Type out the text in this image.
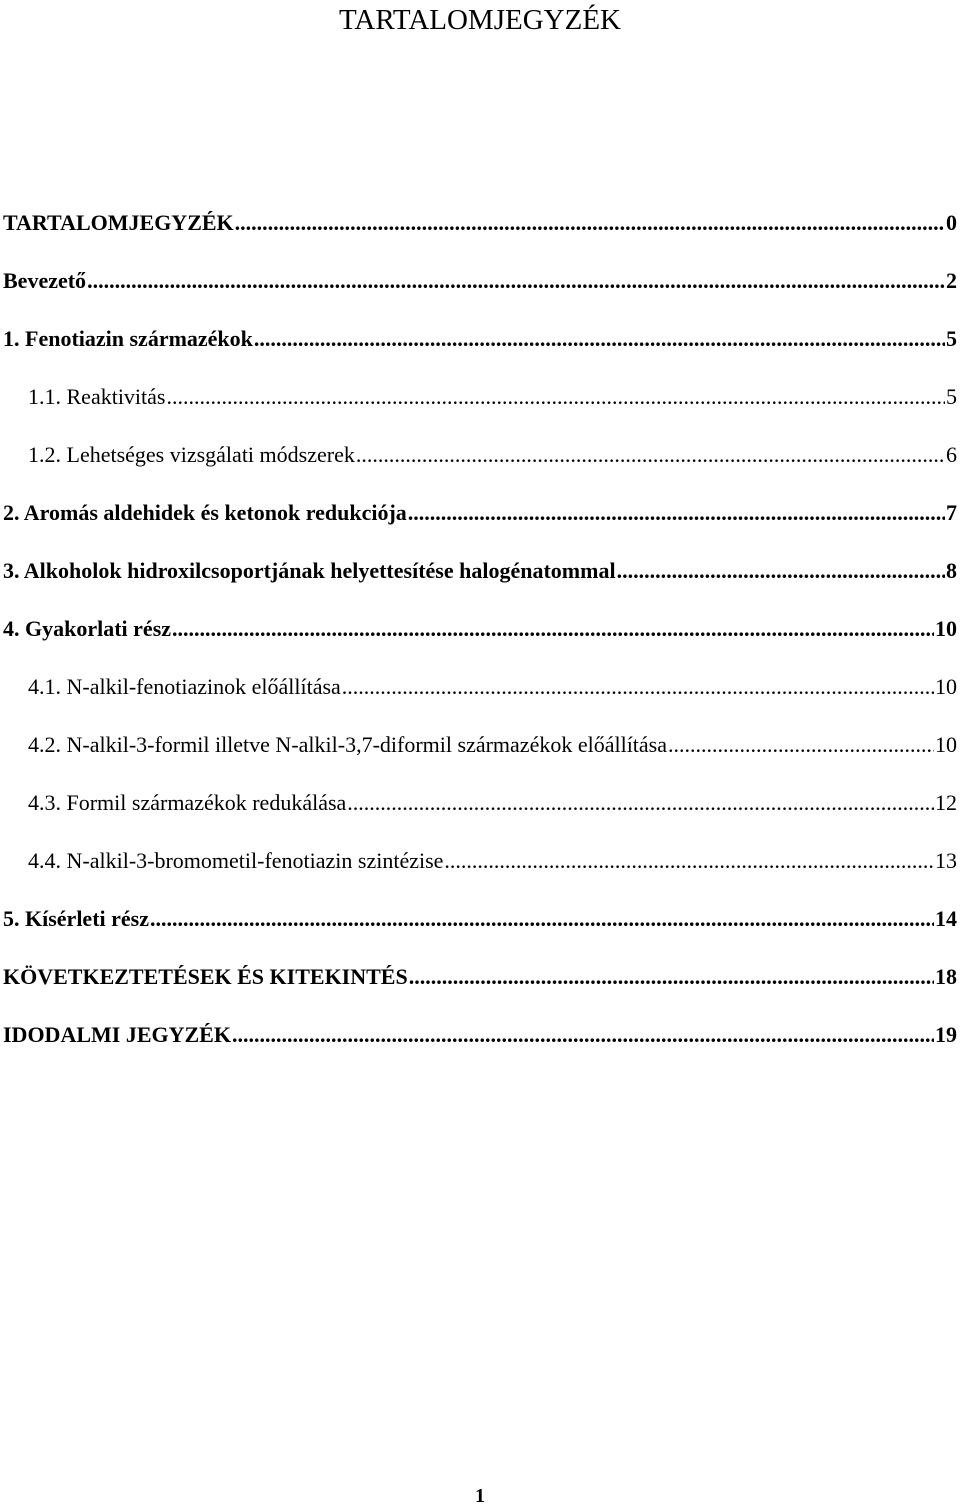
TARTALOMJEGYZÉK
TARTALOMJEGYZÉK .....	0
Bevezető .....	2
1. Fenotiazin származékok .....	5
1.1. Reaktivitás .....	5
1.2. Lehetséges vizsgálati módszerek .....	6
2. Aromás aldehidek és ketonok redukciója .....	7
3. Alkoholok hidroxilcsoportjának helyettesítése halogénatommal .....	8
4. Gyakorlati rész .....	10
4.1. N-alkil-fenotiazinok előállítása .....	10
4.2. N-alkil-3-formil illetve N-alkil-3,7-diformil származékok előállítása .....	10
4.3. Formil származékok redukálása .....	12
4.4. N-alkil-3-bromometil-fenotiazin szintézise .....	13
5. Kísérleti rész .....	14
KÖVETKEZTETÉSEK ÉS KITEKINTÉS .....	18
IDODALMI JEGYZÉK .....	19
1
